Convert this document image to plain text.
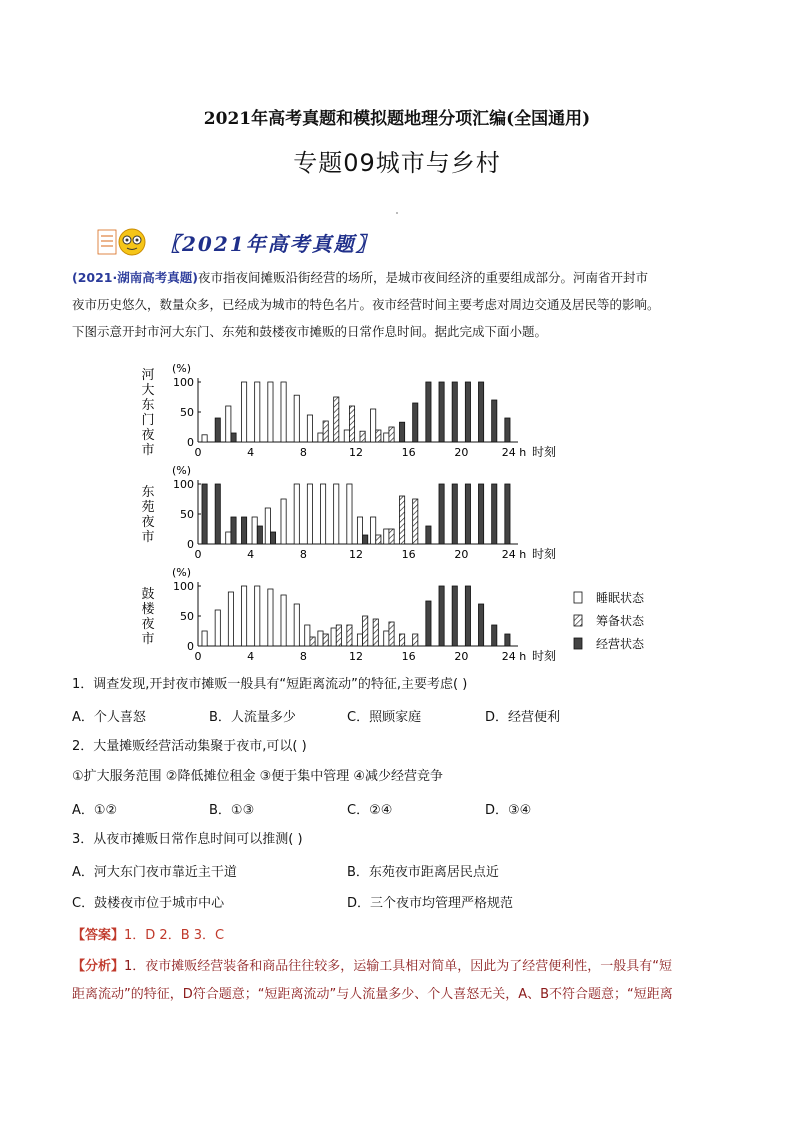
2021年高考真题和模拟题地理分项汇编(全国通用)
专题09城市与乡村
〖2021年高考真题〗
(2021·湖南高考真题)夜市指夜间摊贩沿街经营的场所，是城市夜间经济的重要组成部分。河南省开封市
夜市历史悠久，数量众多，已经成为城市的特色名片。夜市经营时间主要考虑对周边交通及居民等的影响。
下图示意开封市河大东门、东苑和鼓楼夜市摊贩的日常作息时间。据此完成下面小题。
河
大
东
门
夜
市
(%)
0
50
100
0	4	8	12	16	20	24 h 时刻
东
苑
夜
市
(%)
0
50
100
0	4	8	12	16	20	24 h 时刻
鼓
楼
夜
市
(%)
0
50
100
0	4	8	12	16	20	24 h 时刻
睡眠状态
筹备状态
经营状态
1．调查发现,开封夜市摊贩一般具有“短距离流动”的特征,主要考虑( )
A．个人喜怒	B．人流量多少	C．照顾家庭	D．经营便利
2．大量摊贩经营活动集聚于夜市,可以( )
①扩大服务范围 ②降低摊位租金 ③便于集中管理 ④减少经营竞争
A．①②	B．①③	C．②④	D．③④
3．从夜市摊贩日常作息时间可以推测( )
A．河大东门夜市靠近主干道	B．东苑夜市距离居民点近
C．鼓楼夜市位于城市中心	D．三个夜市均管理严格规范
【答案】1．D 2．B 3．C
【分析】1．夜市摊贩经营装备和商品往往较多，运输工具相对简单，因此为了经营便利性，一般具有“短
距离流动”的特征，D符合题意；“短距离流动”与人流量多少、个人喜怒无关，A、B不符合题意；“短距离
